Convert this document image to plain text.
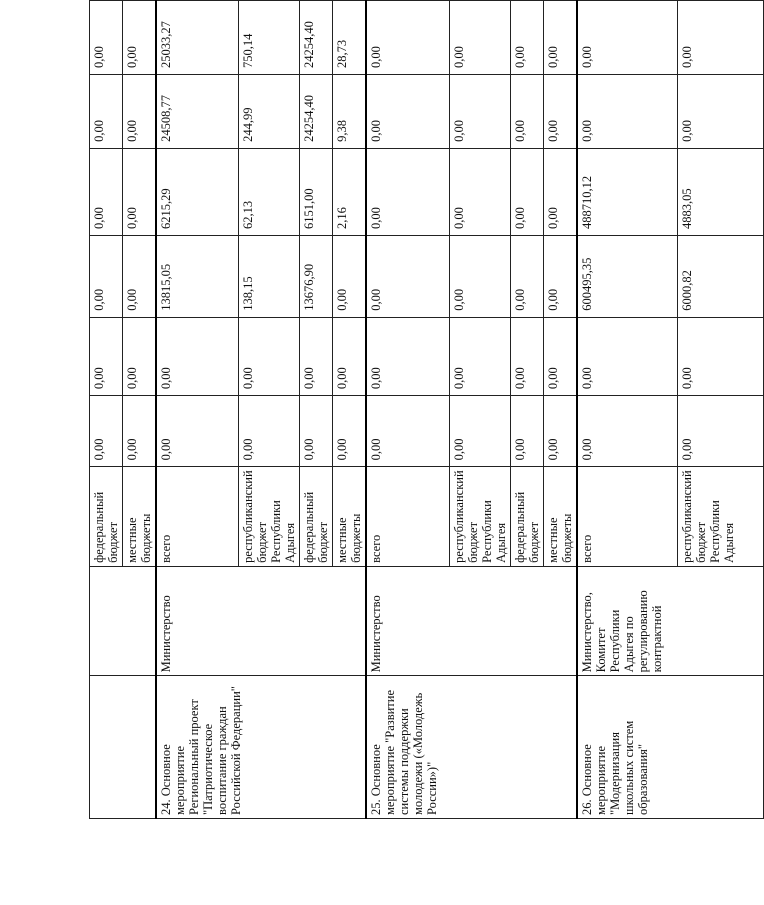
		федеральный бюджет	0,00	0,00	0,00	0,00	0,00	0,00
		местные бюджеты	0,00	0,00	0,00	0,00	0,00	0,00
24. Основное мероприятие Региональный проект "Патриотическое воспитание граждан Российской Федерации"	Министерство	всего	0,00	0,00	13815,05	6215,29	24508,77	25033,27
		республиканский бюджет Республики Адыгея	0,00	0,00	138,15	62,13	244,99	750,14
		федеральный бюджет	0,00	0,00	13676,90	6151,00	24254,40	24254,40
		местные бюджеты	0,00	0,00	0,00	2,16	9,38	28,73
25. Основное мероприятие "Развитие системы поддержки молодежи («Молодежь России»)"	Министерство	всего	0,00	0,00	0,00	0,00	0,00	0,00
		республиканский бюджет Республики Адыгея	0,00	0,00	0,00	0,00	0,00	0,00
		федеральный бюджет	0,00	0,00	0,00	0,00	0,00	0,00
		местные бюджеты	0,00	0,00	0,00	0,00	0,00	0,00
26. Основное мероприятие "Модернизация школьных систем образования"	Министерство, Комитет Республики Адыгея по регулированию контрактной	всего	0,00	0,00	600495,35	488710,12	0,00	0,00
		республиканский бюджет Республики Адыгея	0,00	0,00	6000,82	4883,05	0,00	0,00
